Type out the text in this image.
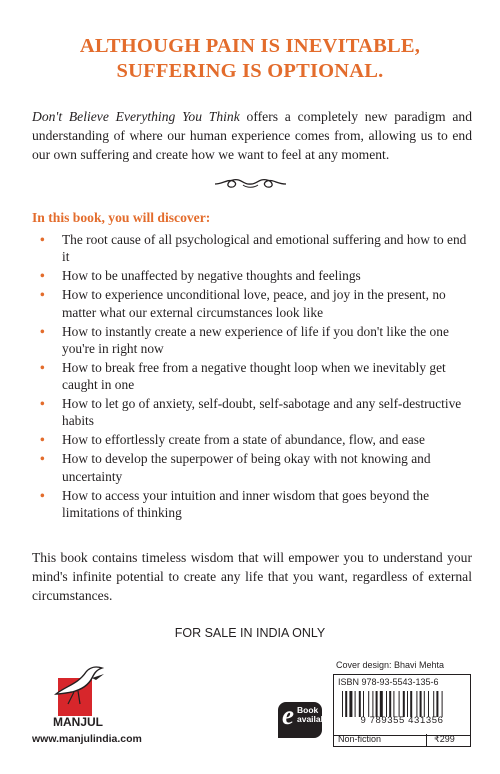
ALTHOUGH PAIN IS INEVITABLE,
SUFFERING IS OPTIONAL.
Don't Believe Everything You Think offers a completely new paradigm and understanding of where our human experience comes from, allowing us to end our own suffering and create how we want to feel at any moment.
In this book, you will discover:
• The root cause of all psychological and emotional suffering and how to end it
• How to be unaffected by negative thoughts and feelings
• How to experience unconditional love, peace, and joy in the present, no matter what our external circumstances look like
• How to instantly create a new experience of life if you don't like the one you're in right now
• How to break free from a negative thought loop when we inevitably get caught in one
• How to let go of anxiety, self-doubt, self-sabotage and any self-destructive habits
• How to effortlessly create from a state of abundance, flow, and ease
• How to develop the superpower of being okay with not knowing and uncertainty
• How to access your intuition and inner wisdom that goes beyond the limitations of thinking
This book contains timeless wisdom that will empower you to understand your mind's infinite potential to create any life that you want, regardless of external circumstances.
FOR SALE IN INDIA ONLY
MANJUL
www.manjulindia.com
e Book
available
Cover design: Bhavi Mehta
ISBN 978-93-5543-135-6
9 789355 431356
Non-fiction	₹299
